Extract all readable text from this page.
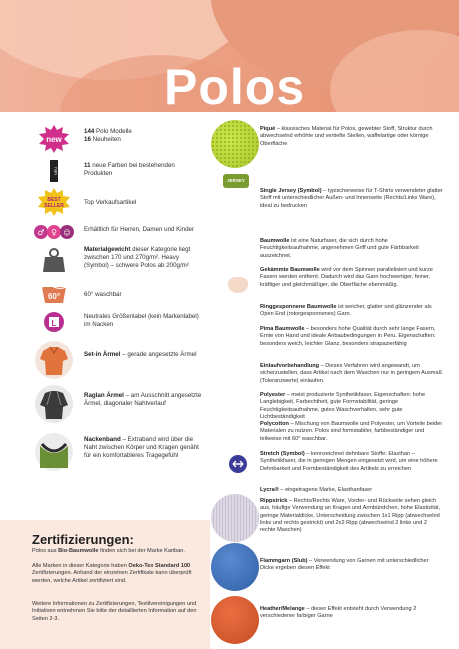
Polos
new
144 Polo Modelle
16 Neuheiten
NEU
11 neue Farben bei bestehenden Produkten
BEST
SELLER	Top Verkaufsartikel
♂ ♀ ☺ Erhältlich für Herren, Damen und Kinder
Materialgewicht dieser Kategorie liegt zwischen 170 und 270g/m². Heavy (Symbol) – schwere Polos ab 200g/m²
60°	60° waschbar
L
Neutrales Größenlabel (kein Markenlabel) im Nacken
Set-in Ärmel – gerade angesetzte Ärmel
Raglan Ärmel – am Ausschnitt angesetzte Ärmel, diagonaler Nahtverlauf
Nackenband – Extraband wird über die Naht zwischen Körper und Kragen genäht für ein komfortableres Tragegefühl
Zertifizierungen:
Polos aus Bio-Baumwolle finden sich bei der Marke Kariban.
Alle Marken in dieser Kategorie haben Oeko-Tex Standard 100 Zertifizierungen. Anhand der einzelnen Zertifikate kann überprüft werden, welche Artikel zertifiziert sind.
Weitere Informationen zu Zertifizierungen, Testilvereinigungen und Initiativen entnehmen Sie bitte der detaillierten Information auf den Seiten 2-3.
Piqué – klassisches Material für Polos, gewebter Stoff, Struktur durch abwechselnd erhöhte und vertiefte Stellen, waffelartige oder körnige Oberfläche
JERSEY
Single Jersey (Symbol) – typischerweise für T-Shirts verwendeter glatter Stoff mit unterschiedlicher Außen- und Innenseite (Rechts/Links Ware), ideal zu bedrucken
Baumwolle ist eine Naturfaser, die sich durch hohe Feuchtigkeitsaufnahme, angenehmen Griff und gute Färbbarkeit auszeichnet.
Gekämmte Baumwolle wird vor dem Spinnen parallelisiert und kurze Fasern werden entfernt. Dadurch wird das Garn hochwertiger, feiner, kräftiger und gleichmäßiger, die Oberfläche ebenmäßig.
Ringgesponnene Baumwolle ist weicher, glatter und glänzender als Open End (rotorgesponnenes) Garn.
Pima Baumwolle – besonders hohe Qualität durch sehr lange Fasern, Ernte von Hand und ideale Anbaubedingungen in Peru. Eigenschaften: besonders weich, leichter Glanz, besonders strapazierfähig
Einlaufvorbehandlung – Dieses Verfahren wird angewandt, um sicherzustellen, dass Artikel nach dem Waschen nur in geringem Ausmaß (Toleranzwerte) einlaufen.
Polyester – meist produzierte Synthetikfaser, Eigenschaften: hohe Langlebigkeit, Farbechtheit, gute Formstabilität, geringe Feuchtigkeitsaufnahme, gutes Waschverhalten, sehr gute Lichtbeständigkeit
Polycotton – Mischung von Baumwolle und Polyester, um Vorteile beider Materialen zu nutzen. Polos sind formstabiler, farbbeständiger und teilweise mit 60° waschbar.
Stretch (Symbol) – kennzeichnet dehnbare Stoffe: Elasthan – Synthetikfaser, die in geringen Mengen eingesetzt wird, um eine höhere Dehnbarkeit und Formbeständigkeit des Artikels zu erreichen
Lycra® – eingetragene Marke, Elasthanfaser
Rippstrick – Rechts/Rechts Ware, Vorder- und Rückseite sehen gleich aus, häufige Verwendung an Kragen und Armbündchen, hohe Elastizität, geringe Materialdicke, Unterscheidung zwischen 1x1 Ripp (abwechselnd links und rechts gestrickt) und 2x2 Ripp (abwechselnd 2 linke und 2 rechte Maschen)
Flammgarn (Slub) – Verwendung von Garnen mit unterschiedlicher Dicke ergeben diesen Effekt
Heather/Melange – dieser Effekt entsteht durch Verwendung 2 verschiedener farbiger Garne
